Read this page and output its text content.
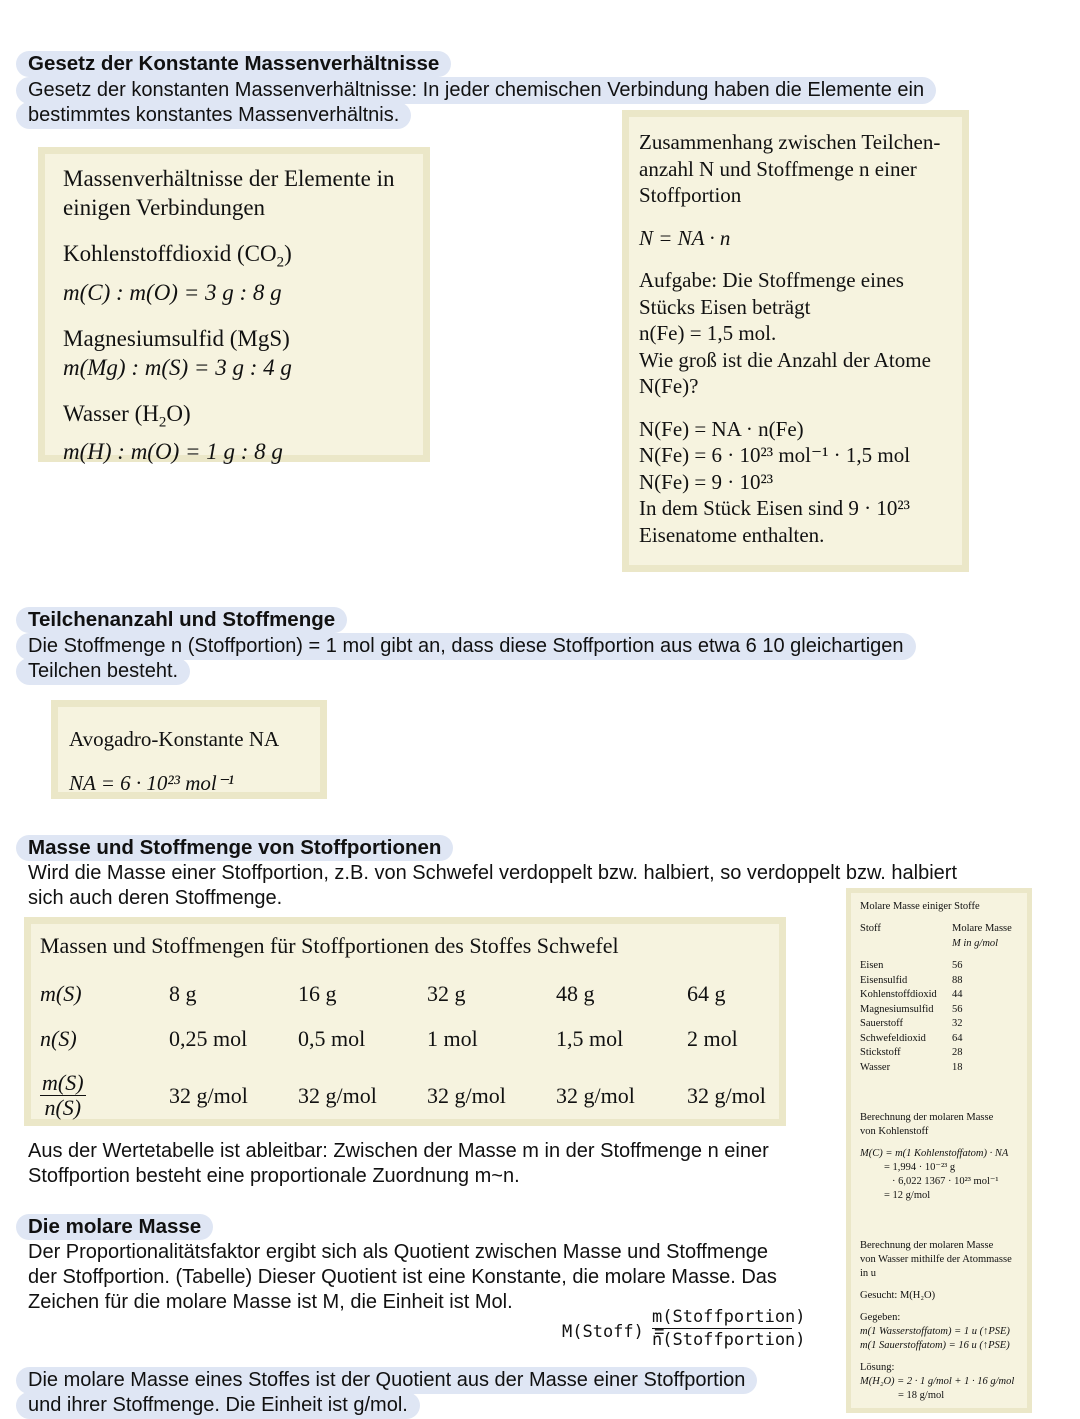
Gesetz der Konstante Massenverhältnisse
Gesetz der konstanten Massenverhältnisse: In jeder chemischen Verbindung haben die Elemente ein
bestimmtes konstantes Massenverhältnis.

Massenverhältnisse der Elemente in

einigen Verbindungen

Kohlenstoffdioxid $(CO_2)$

m(C) : m(O) = 3 g : 8 g

Magnesiumsulfid (MgS)

m(Mg) : m(S) = 3 g : 4 g

Wasser $(H_2O)$

m(H) : m(O) = 1 g : 8 g

Zusammenhang zwischen Teilchen-

anzahl N und Stoffmenge n einer

Stoffportion

N = NA · n

Aufgabe: Die Stoffmenge eines

Stücks Eisen beträgt

n(Fe) = 1,5 mol.

Wie groß ist die Anzahl der Atome

N(Fe)?

N(Fe) = NA · n(Fe)

N(Fe) = 6 · 10²³ mol⁻¹ · 1,5 mol

N(Fe) = 9 · 10²³

In dem Stück Eisen sind 9 · 10²³

Eisenatome enthalten.

Teilchenanzahl und Stoffmenge
Die Stoffmenge n (Stoffportion) = 1 mol gibt an, dass diese Stoffportion aus etwa 6 10 gleichartigen
Teilchen besteht.
Avogadro-Konstante NA
NA = 6 · 10²³ mol⁻¹
Masse und Stoffmenge von Stoffportionen
Wird die Masse einer Stoffportion, z.B. von Schwefel verdoppelt bzw. halbiert, so verdoppelt bzw. halbiert
sich auch deren Stoffmenge.
Massen und Stoffmengen für Stoffportionen des Stoffes Schwefel
m(S)	8 g	16 g	32 g	48 g	64 g
n(S)	0,25 mol	0,5 mol	1 mol	1,5 mol	2 mol

$\frac{m(S)}{n(S)}$	32 g/mol	32 g/mol	32 g/mol	32 g/mol	32 g/mol
Aus der Wertetabelle ist ableitbar: Zwischen der Masse m in der Stoffmenge n einer
Stoffportion besteht eine proportionale Zuordnung m~n.
Die molare Masse
Der Proportionalitätsfaktor ergibt sich als Quotient zwischen Masse und Stoffmenge
der Stoffportion. (Tabelle) Dieser Quotient ist eine Konstante, die molare Masse. Das
Zeichen für die molare Masse ist M, die Einheit ist Mol.
M(Stoff) =
m(Stoffportion)
n(Stoffportion)
Die molare Masse eines Stoffes ist der Quotient aus der Masse einer Stoffportion
und ihrer Stoffmenge. Die Einheit ist g/mol.

Molare Masse einiger Stoffe

Stoff	Molare Masse
M in g/mol

Eisen	56
Eisensulfid	88
Kohlenstoffdioxid	44
Magnesiumsulfid	56
Sauerstoff	32
Schwefeldioxid	64
Stickstoff	28
Wasser	18

Berechnung der molaren Masse

von Kohlenstoff

M(C) = m(1 Kohlenstoffatom) · NA

= 1,994 · 10⁻²³ g

· 6,022 1367 · 10²³ mol⁻¹

= 12 g/mol

Berechnung der molaren Masse

von Wasser mithilfe der Atommasse

in u

Gesucht: M(H₂O)

Gegeben:

m(1 Wasserstoffatom) = 1 u (↑PSE)

m(1 Sauerstoffatom) = 16 u (↑PSE)

Lösung:

M(H₂O) = 2 · 1 g/mol + 1 · 16 g/mol

= 18 g/mol
